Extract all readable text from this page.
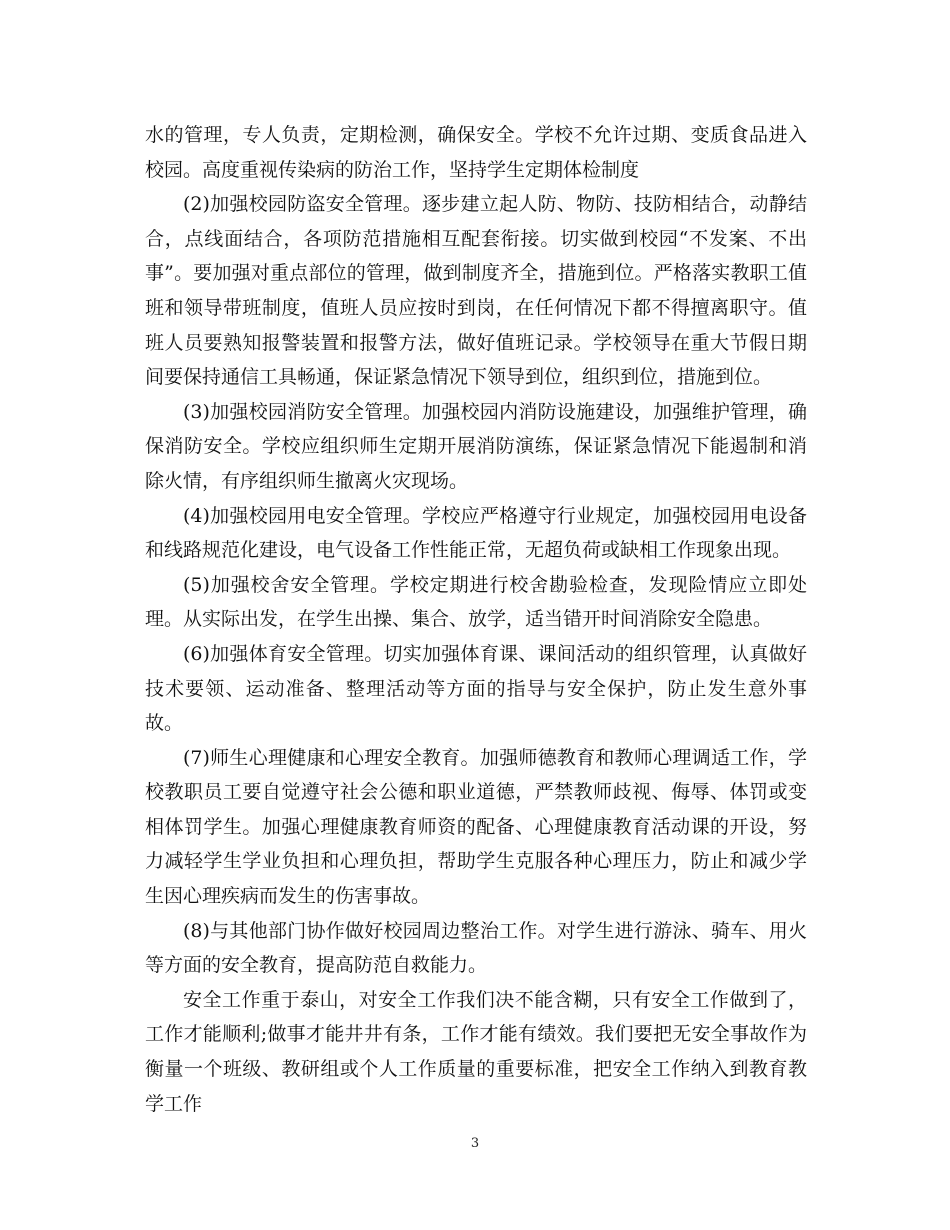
水的管理，专人负责，定期检测，确保安全。学校不允许过期、变质食品进入校园。高度重视传染病的防治工作，坚持学生定期体检制度

(2)加强校园防盗安全管理。逐步建立起人防、物防、技防相结合，动静结合，点线面结合，各项防范措施相互配套衔接。切实做到校园“不发案、不出事”。要加强对重点部位的管理，做到制度齐全，措施到位。严格落实教职工值班和领导带班制度，值班人员应按时到岗，在任何情况下都不得擅离职守。值班人员要熟知报警装置和报警方法，做好值班记录。学校领导在重大节假日期间要保持通信工具畅通，保证紧急情况下领导到位，组织到位，措施到位。

(3)加强校园消防安全管理。加强校园内消防设施建设，加强维护管理，确保消防安全。学校应组织师生定期开展消防演练，保证紧急情况下能遏制和消除火情，有序组织师生撤离火灾现场。

(4)加强校园用电安全管理。学校应严格遵守行业规定，加强校园用电设备和线路规范化建设，电气设备工作性能正常，无超负荷或缺相工作现象出现。

(5)加强校舍安全管理。学校定期进行校舍勘验检查，发现险情应立即处理。从实际出发，在学生出操、集合、放学，适当错开时间消除安全隐患。

(6)加强体育安全管理。切实加强体育课、课间活动的组织管理，认真做好技术要领、运动准备、整理活动等方面的指导与安全保护，防止发生意外事故。

(7)师生心理健康和心理安全教育。加强师德教育和教师心理调适工作，学校教职员工要自觉遵守社会公德和职业道德，严禁教师歧视、侮辱、体罚或变相体罚学生。加强心理健康教育师资的配备、心理健康教育活动课的开设，努力减轻学生学业负担和心理负担，帮助学生克服各种心理压力，防止和减少学生因心理疾病而发生的伤害事故。

(8)与其他部门协作做好校园周边整治工作。对学生进行游泳、骑车、用火等方面的安全教育，提高防范自救能力。

安全工作重于泰山，对安全工作我们决不能含糊，只有安全工作做到了，工作才能顺利;做事才能井井有条，工作才能有绩效。我们要把无安全事故作为衡量一个班级、教研组或个人工作质量的重要标准，把安全工作纳入到教育教学工作

3
